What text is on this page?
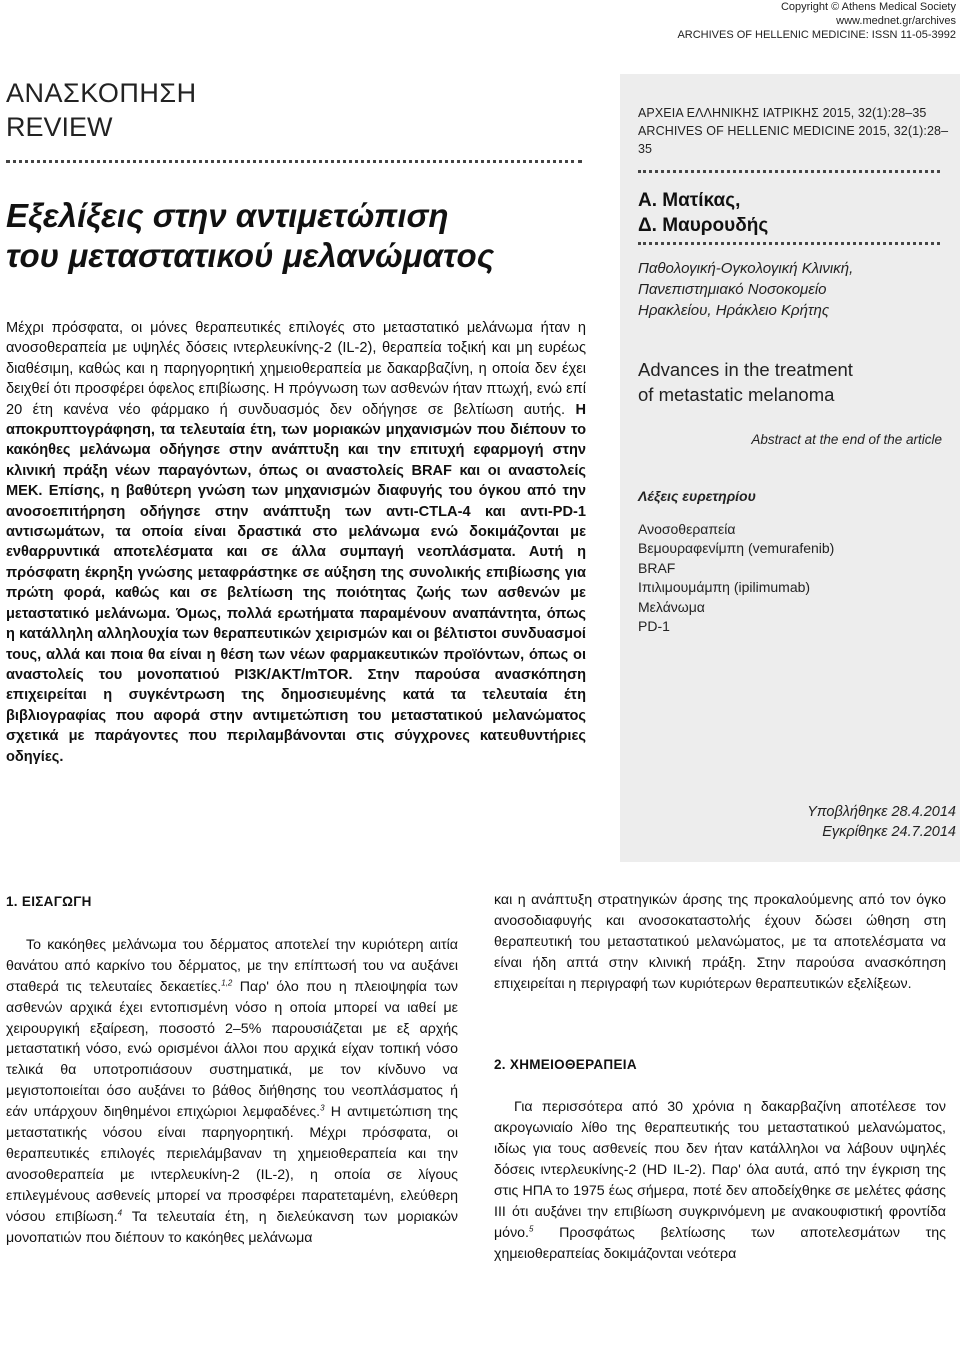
Copyright © Athens Medical Society
www.mednet.gr/archives
ARCHIVES OF HELLENIC MEDICINE: ISSN 11-05-3992
ΑΝΑΣΚΟΠΗΣΗ
REVIEW
Εξελίξεις στην αντιμετώπιση
του μεταστατικού μελανώματος

Μέχρι πρόσφατα, οι μόνες θεραπευτικές επιλογές στο μεταστατικό μελάνωμα ήταν η ανοσοθεραπεία με υψηλές δόσεις ιντερλευκίνης-2 (IL-2), θεραπεία τοξική και μη ευρέως διαθέσιμη, καθώς και η παρηγορητική χημειοθεραπεία με δακαρβαζίνη, η οποία δεν έχει δειχθεί ότι προσφέρει όφελος επιβίωσης. Η πρόγνωση των ασθενών ήταν πτωχή, ενώ επί 20 έτη κανένα νέο φάρμακο ή συνδυασμός δεν οδήγησε σε βελτίωση αυτής. Η αποκρυπτογράφηση, τα τελευταία έτη, των μοριακών μηχανισμών που διέπουν το κακόηθες μελάνωμα οδήγησε στην ανάπτυξη και την επιτυχή εφαρμογή στην κλινική πράξη νέων παραγόντων, όπως οι αναστολείς BRAF και οι αναστολείς MEK. Επίσης, η βαθύτερη γνώση των μηχανισμών διαφυγής του όγκου από την ανοσοεπιτήρηση οδήγησε στην ανάπτυξη των αντι-CTLA-4 και αντι-PD-1 αντισωμάτων, τα οποία είναι δραστικά στο μελάνωμα ενώ δοκιμάζονται με ενθαρρυντικά αποτελέσματα και σε άλλα συμπαγή νεοπλάσματα. Αυτή η πρόσφατη έκρηξη γνώσης μεταφράστηκε σε αύξηση της συνολικής επιβίωσης για πρώτη φορά, καθώς και σε βελτίωση της ποιότητας ζωής των ασθενών με μεταστατικό μελάνωμα. Όμως, πολλά ερωτήματα παραμένουν αναπάντητα, όπως η κατάλληλη αλληλουχία των θεραπευτικών χειρισμών και οι βέλτιστοι συνδυασμοί τους, αλλά και ποια θα είναι η θέση των νέων φαρμακευτικών προϊόντων, όπως οι αναστολείς του μονοπατιού PI3K/AKT/mTOR. Στην παρούσα ανασκόπηση επιχειρείται η συγκέντρωση της δημοσιευμένης κατά τα τελευταία έτη βιβλιογραφίας που αφορά στην αντιμετώπιση του μεταστατικού μελανώματος σχετικά με παράγοντες που περιλαμβάνονται στις σύγχρονες κατευθυντήριες οδηγίες.

ΑΡΧΕΙΑ ΕΛΛΗΝΙΚΗΣ ΙΑΤΡΙΚΗΣ 2015, 32(1):28–35
ARCHIVES OF HELLENIC MEDICINE 2015, 32(1):28–35
Α. Ματίκας,
Δ. Μαυρουδής
Παθολογική-Ογκολογική Κλινική,
Πανεπιστημιακό Νοσοκομείο
Ηρακλείου, Ηράκλειο Κρήτης
Advances in the treatment
of metastatic melanoma
Abstract at the end of the article
Λέξεις ευρετηρίου
Ανοσοθεραπεία
Βεμουραφενίμπη (vemurafenib)
BRAF
Ιπιλιμουμάμπη (ipilimumab)
Μελάνωμα
PD-1
Υποβλήθηκε 28.4.2014
Εγκρίθηκε 24.7.2014
1. ΕΙΣΑΓΩΓΗ

Το κακόηθες μελάνωμα του δέρματος αποτελεί την κυριότερη αιτία θανάτου από καρκίνο του δέρματος, με την επίπτωσή του να αυξάνει σταθερά τις τελευταίες δεκαετίες.$^{1,2}$ Παρ' όλο που η πλειοψηφία των ασθενών αρχικά έχει εντοπισμένη νόσο η οποία μπορεί να ιαθεί με χειρουργική εξαίρεση, ποσοστό 2–5% παρουσιάζεται με εξ αρχής μεταστατική νόσο, ενώ ορισμένοι άλλοι που αρχικά είχαν τοπική νόσο τελικά θα υποτροπιάσουν συστηματικά, με τον κίνδυνο να μεγιστοποιείται όσο αυξάνει το βάθος διήθησης του νεοπλάσματος ή εάν υπάρχουν διηθημένοι επιχώριοι λεμφαδένες.$^3$ Η αντιμετώπιση της μεταστατικής νόσου είναι παρηγορητική. Μέχρι πρόσφατα, οι θεραπευτικές επιλογές περιελάμβαναν τη χημειοθεραπεία και την ανοσοθεραπεία με ιντερλευκίνη-2 (IL-2), η οποία σε λίγους επιλεγμένους ασθενείς μπορεί να προσφέρει παρατεταμένη, ελεύθερη νόσου επιβίωση.$^4$ Τα τελευταία έτη, η διελεύκανση των μοριακών μονοπατιών που διέπουν το κακόηθες μελάνωμα

και η ανάπτυξη στρατηγικών άρσης της προκαλούμενης από τον όγκο ανοσοδιαφυγής και ανοσοκαταστολής έχουν δώσει ώθηση στη θεραπευτική του μεταστατικού μελανώματος, με τα αποτελέσματα να είναι ήδη απτά στην κλινική πράξη. Στην παρούσα ανασκόπηση επιχειρείται η περιγραφή των κυριότερων θεραπευτικών εξελίξεων.

2. ΧΗΜΕΙΟΘΕΡΑΠΕΙΑ

Για περισσότερα από 30 χρόνια η δακαρβαζίνη αποτέλεσε τον ακρογωνιαίο λίθο της θεραπευτικής του μεταστατικού μελανώματος, ιδίως για τους ασθενείς που δεν ήταν κατάλληλοι να λάβουν υψηλές δόσεις ιντερλευκίνης-2 (HD IL-2). Παρ' όλα αυτά, από την έγκριση της στις ΗΠΑ το 1975 έως σήμερα, ποτέ δεν αποδείχθηκε σε μελέτες φάσης III ότι αυξάνει την επιβίωση συγκρινόμενη με ανακουφιστική φροντίδα μόνο.$^5$ Προσφάτως βελτίωσης των αποτελεσμάτων της χημειοθεραπείας δοκιμάζονται νεότερα
